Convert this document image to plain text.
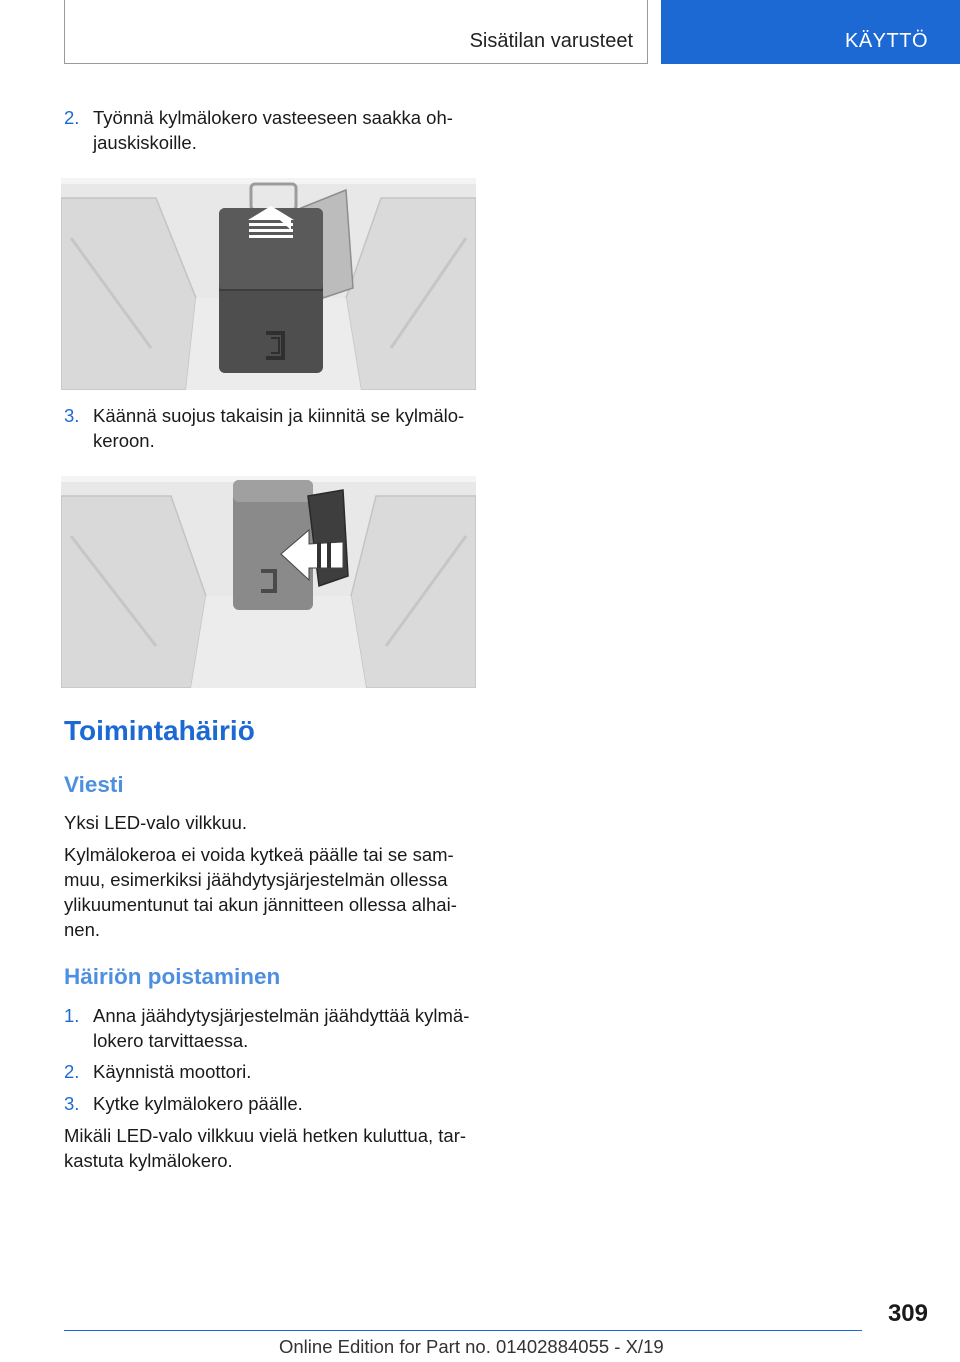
Sisätilan varusteet	KÄYTTÖ
2. Työnnä kylmälokero vasteeseen saakka oh-jauskiskoille.
3. Käännä suojus takaisin ja kiinnitä se kylmälo-keroon.
Toimintahäiriö
Viesti
Yksi LED-valo vilkkuu.
Kylmälokeroa ei voida kytkeä päälle tai se sam-muu, esimerkiksi jäähdytysjärjestelmän ollessa ylikuumentunut tai akun jännitteen ollessa alhai-nen.
Häiriön poistaminen
1. Anna jäähdytysjärjestelmän jäähdyttää kylmä-lokero tarvittaessa.
2. Käynnistä moottori.
3. Kytke kylmälokero päälle.
Mikäli LED-valo vilkkuu vielä hetken kuluttua, tar-kastuta kylmälokero.
309
Online Edition for Part no. 01402884055 - X/19
